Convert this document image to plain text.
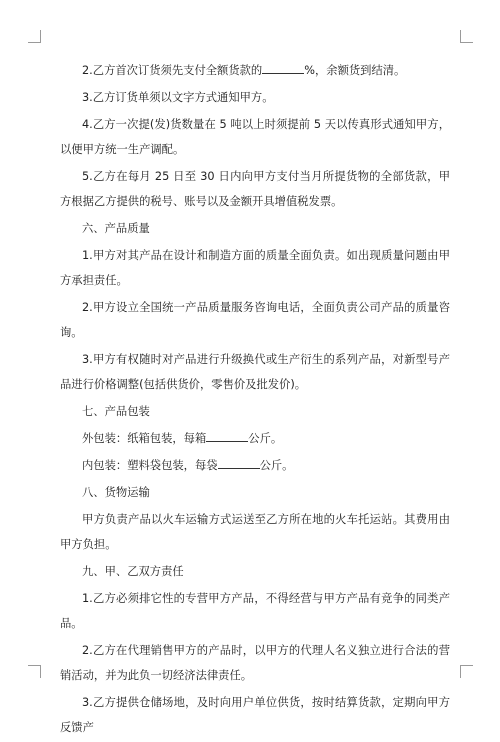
2.乙方首次订货须先支付全额货款的	%，余额货到结清。

3.乙方订货单须以文字方式通知甲方。

4.乙方一次提(发)货数量在 5 吨以上时须提前 5 天以传真形式通知甲方，以便甲方统一生产调配。

5.乙方在每月 25 日至 30 日内向甲方支付当月所提货物的全部货款，甲方根据乙方提供的税号、账号以及金额开具增值税发票。

六、产品质量

1.甲方对其产品在设计和制造方面的质量全面负责。如出现质量问题由甲方承担责任。

2.甲方设立全国统一产品质量服务咨询电话，全面负责公司产品的质量咨询。

3.甲方有权随时对产品进行升级换代或生产衍生的系列产品，对新型号产品进行价格调整(包括供货价，零售价及批发价)。

七、产品包装

外包装：纸箱包装，每箱	公斤。

内包装：塑料袋包装，每袋	公斤。

八、货物运输

甲方负责产品以火车运输方式运送至乙方所在地的火车托运站。其费用由甲方负担。

九、甲、乙双方责任

1.乙方必须排它性的专营甲方产品，不得经营与甲方产品有竞争的同类产品。

2.乙方在代理销售甲方的产品时，以甲方的代理人名义独立进行合法的营销活动，并为此负一切经济法律责任。

3.乙方提供仓储场地，及时向用户单位供货，按时结算货款，定期向甲方反馈产
